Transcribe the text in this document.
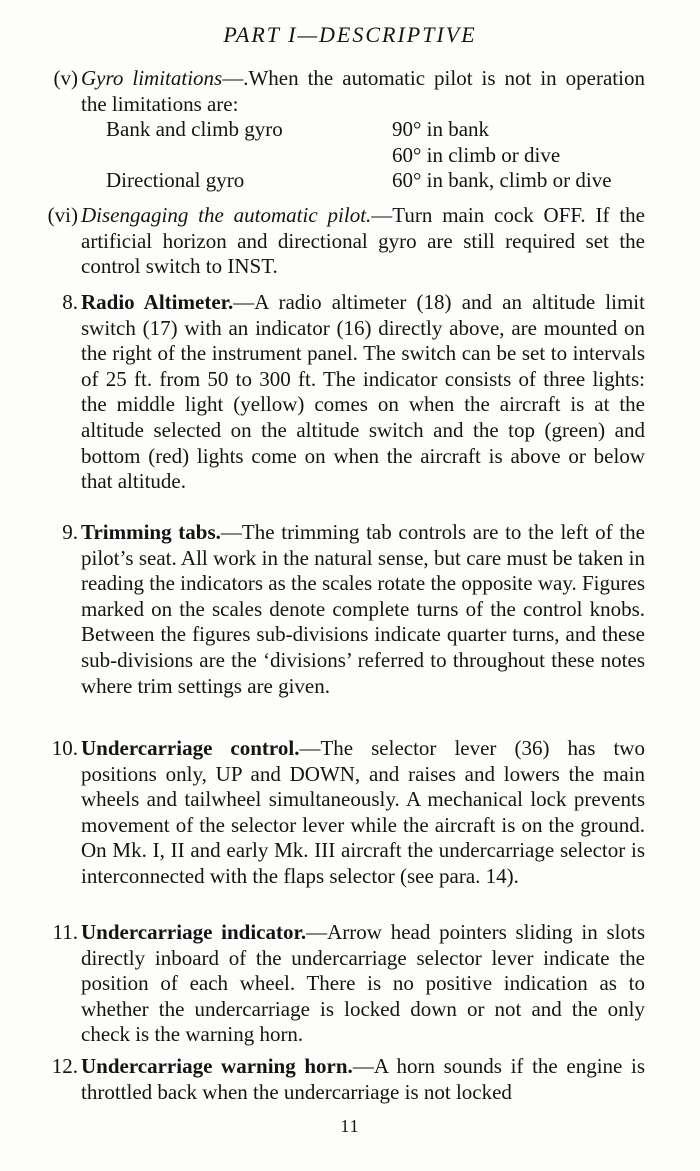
PART I—DESCRIPTIVE
(v) Gyro limitations—.When the automatic pilot is not in operation the limitations are:
Bank and climb gyro	90° in bank
60° in climb or dive
Directional gyro	60° in bank, climb or dive
(vi) Disengaging the automatic pilot.—Turn main cock OFF. If the artificial horizon and directional gyro are still required set the control switch to INST.
8. Radio Altimeter.—A radio altimeter (18) and an altitude limit switch (17) with an indicator (16) directly above, are mounted on the right of the instrument panel. The switch can be set to intervals of 25 ft. from 50 to 300 ft. The indicator consists of three lights: the middle light (yellow) comes on when the aircraft is at the altitude selected on the altitude switch and the top (green) and bottom (red) lights come on when the aircraft is above or below that altitude.
9. Trimming tabs.—The trimming tab controls are to the left of the pilot’s seat. All work in the natural sense, but care must be taken in reading the indicators as the scales rotate the opposite way. Figures marked on the scales denote complete turns of the control knobs. Between the figures sub-divisions indicate quarter turns, and these sub-divisions are the ‘divisions’ referred to throughout these notes where trim settings are given.
10. Undercarriage control.—The selector lever (36) has two positions only, UP and DOWN, and raises and lowers the main wheels and tailwheel simultaneously. A mechanical lock prevents movement of the selector lever while the aircraft is on the ground. On Mk. I, II and early Mk. III aircraft the undercarriage selector is interconnected with the flaps selector (see para. 14).
11. Undercarriage indicator.—Arrow head pointers sliding in slots directly inboard of the undercarriage selector lever indicate the position of each wheel. There is no positive indication as to whether the undercarriage is locked down or not and the only check is the warning horn.
12. Undercarriage warning horn.—A horn sounds if the engine is throttled back when the undercarriage is not locked
11
